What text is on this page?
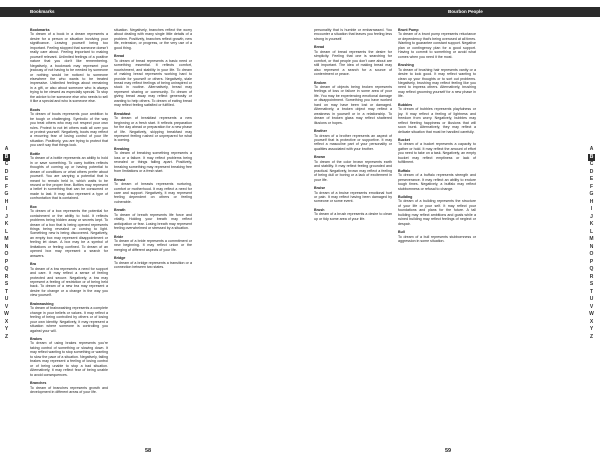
Bookmarks
A
B
C
D
E
F
G
H
I
J
K
L
M
N
O
P
Q
R
S
T
U
V
W
X
Y
Z
Bookmarks
To dream of a book in a dream represents a desire for a person or situation involving your significance. Leaving yourself being too important. Feeling stopped that someone doesn't really care about. Feeling important to making yourself relevant. Unlimited feelings of a positive nature that you don't like remembering. Negatively, a bookmark may represent your jealousy of not having to be needed by someone or nothing would be noticed to someone elsewhere the who wants to be treated impressive. Unlimited feelings about remaining in a gift, or also about someone who is always trying to be viewed as especially special. To stop the advice to be someone else who needs to sell it like a special and who is someone else.
Boots
To dream of boots represents your ambition to be tough or challenging. Symbolic of the way you treat others who may not respect your own rules. Protect to not let others walk all over you or protect yourself. Negatively, boots may reflect a recurring fear of losing control of your life situation. Positively, you are trying to protect that you can't say that things look.
Bottle
To dream of a bottle represents an ability to hold in or save something. To carry bottles reflects thoughts of coming up or having potential to dream of conditions or what others prefer about yourself. You are carrying a potential that is meant to remain held in, which waits to be reused or the proper time. Bottles may represent a belief in something that can be consumed or made to last. It may also represent a type of confrontation that is contained.
Box
To dream of a box represents the potential for containment or the ability to hold. It reflects problems being hidden away or secrets kept. To dream of a box that is being opened represents things being revealed or coming to light. Something new is being discovered. Negatively, an empty box may represent disappointment or feeling let down. A box may be a symbol of limitations or feeling confined. To dream of an opened box may represent a search for answers.
Bra
To dream of a bra represents a need for support and care. It may reflect a sense of feeling protected and secure. Negatively, a bra may represent a feeling of restriction or of being held back. To dream of a new bra may represent a desire for change or a change in the way you view yourself.
Brainwashing
To dream of brainwashing represents a complete change in your beliefs or values. It may reflect a feeling of being controlled by others or of losing your own identity. Negatively, it may represent a situation where someone is controlling you against your will.
Brakes
To dream of using brakes represents you're taking control of something or slowing down. It may reflect wanting to stop something or wanting to slow the pace of a situation. Negatively, failing brakes may represent a feeling of losing control or of being unable to stop a bad situation. Alternatively, it may reflect fear of being unable to avoid consequences.
Branches
To dream of branches represents growth and development in different areas of your life.
situation. Negatively, branches reflect the worry about dealing with many single little details of a problem. Positively, branches reflect growth, new life, extension, or progress, or the very use of a good thing.
Bread
To dream of bread represents a basic need or something essential. It reflects comfort, nourishment, and stability in your life. To dream of making bread represents working hard to provide for yourself or others. Negatively, stale bread may reflect feelings of being uninspired or stuck in routine. Alternatively, bread may represent sharing or community. To dream of giving bread away may reflect generosity or wanting to help others. To dream of eating bread may reflect feeling satisfied or fulfilled.
Breakfast
To dream of breakfast represents a new beginning or a fresh start. It reflects preparation for the day ahead or preparation for a new phase of life. Negatively, skipping breakfast may represent feeling rushed or unprepared for what is coming.
Breaking
To dream of breaking something represents a loss or a failure. It may reflect problems being revealed or things falling apart. Positively, breaking something may represent breaking free from limitations or a fresh start.
Breast
To dream of breasts represents nurturing, comfort or motherhood. It may reflect a need for care and support. Negatively, it may represent feeling dependent on others or feeling vulnerable.
Breath
To dream of breath represents life force and vitality. Holding your breath may reflect anticipation or fear. Losing breath may represent feeling overwhelmed or stressed by a situation.
Bride
To dream of a bride represents a commitment or new beginning. It may reflect union or the merging of different aspects of your life.
Bridge
To dream of a bridge represents a transition or a connection between two states.
58
Bourbon People
personality that is humble or embarrassed. You encounter a situation that leaves you feeling less strong in yourself.
Bread
To dream of bread represents the desire for simplicity. Feeling that one is searching for comfort, or that people you don't care about are still important. The idea of making bread may also represent a search for a source of contentment or peace.
Broken
To dream of objects being broken represents feelings of loss or failure in some area of your life. You may be experiencing emotional damage or disappointment. Something you have worked hard on may have been lost or damaged. Alternatively, a broken object may reflect a weakness in yourself or in a relationship. To dream of broken glass may reflect shattered illusions or hopes.
Brother
To dream of a brother represents an aspect of yourself that is protective or supportive. It may reflect a masculine part of your personality or qualities associated with your brother.
Brown
To dream of the color brown represents earth and stability. It may reflect feeling grounded and practical. Negatively, brown may reflect a feeling of being dull or boring or a lack of excitement in your life.
Bruise
To dream of a bruise represents emotional hurt or pain. It may reflect having been damaged by someone or some event.
Brush
To dream of a brush represents a desire to clean up or tidy some area of your life.
Brunt Pump
To dream of a brunt pump represents reluctance or dependency that's being overused at all times. Wanting to guarantee constant support. Negative plan or contingency plan for a good support. Having to commit to something or avoid what comes when you need it the most.
Brushing
To dream of brushing hair represents vanity or a desire to look good. It may reflect wanting to clean up your thoughts or to sort out problems. Negatively, brushing may reflect feeling like you need to impress others. Alternatively, brushing may reflect grooming yourself for a new phase in life.
Bubbles
To dream of bubbles represents playfulness or joy. It may reflect a feeling of lightness and freedom from worry. Negatively, bubbles may reflect fleeting happiness or illusions that will soon burst. Alternatively, they may reflect a delicate situation that must be handled carefully.
Bucket
To dream of a bucket represents a capacity to gather or hold. It may reflect the amount of effort you need to take on a task. Negatively, an empty bucket may reflect emptiness or lack of fulfillment.
Buffalo
To dream of a buffalo represents strength and perseverance. It may reflect an ability to endure tough times. Negatively, a buffalo may reflect stubbornness or refusal to change.
Building
To dream of a building represents the structure of your life or your self. It may reflect your foundations and plans for the future. A tall building may reflect ambitions and goals while a ruined building may reflect feelings of neglect or despair.
Bull
To dream of a bull represents stubbornness or aggression in some situation.
A
B
C
D
E
F
G
H
I
J
K
L
M
N
O
P
Q
R
S
T
U
V
W
X
Y
Z
59
